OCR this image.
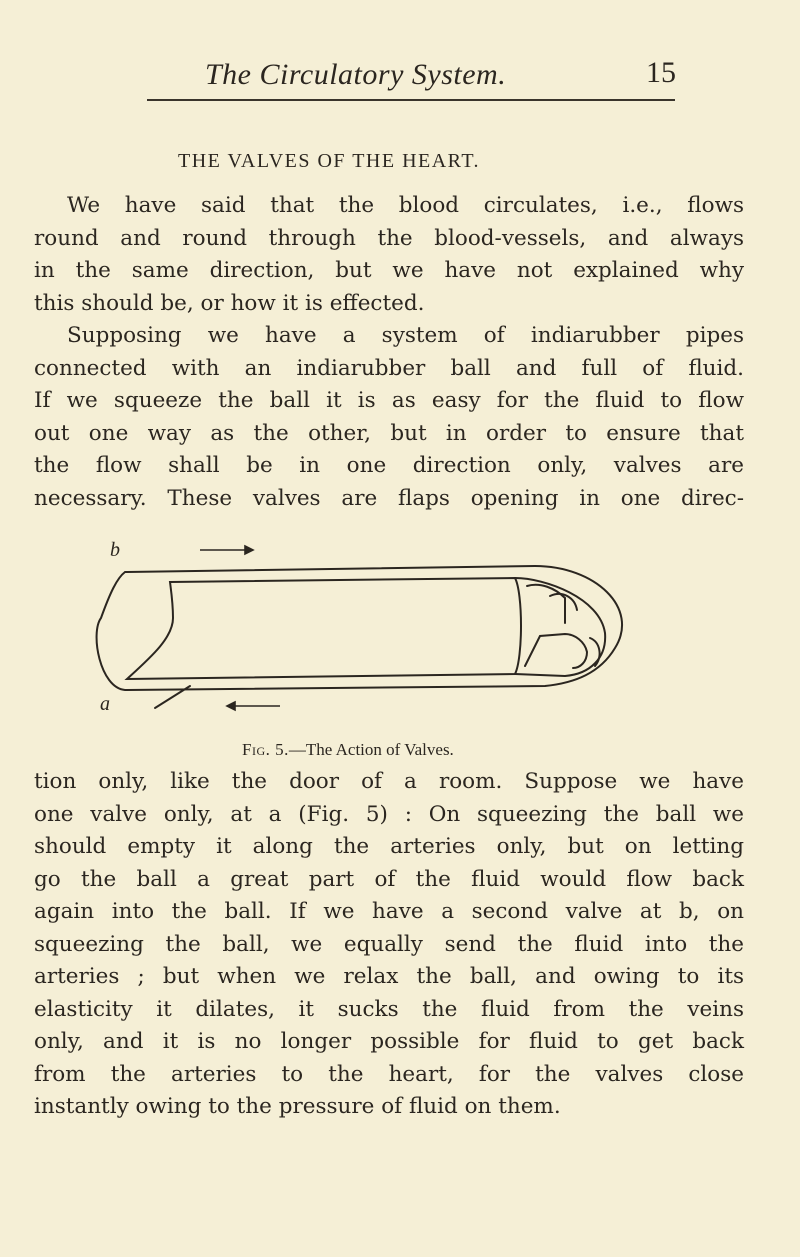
The Circulatory System.	15
THE VALVES OF THE HEART.
We have said that the blood circulates, i.e., flows
round and round through the blood-vessels, and always
in the same direction, but we have not explained why
this should be, or how it is effected.
Supposing we have a system of indiarubber pipes
connected with an indiarubber ball and full of fluid.
If we squeeze the ball it is as easy for the fluid to flow
out one way as the other, but in order to ensure that
the flow shall be in one direction only, valves are
necessary. These valves are flaps opening in one direc-
b
a
Fig. 5.—The Action of Valves.
tion only, like the door of a room. Suppose we have
one valve only, at a (Fig. 5) : On squeezing the ball we
should empty it along the arteries only, but on letting
go the ball a great part of the fluid would flow back
again into the ball. If we have a second valve at b, on
squeezing the ball, we equally send the fluid into the
arteries ; but when we relax the ball, and owing to its
elasticity it dilates, it sucks the fluid from the veins
only, and it is no longer possible for fluid to get back
from the arteries to the heart, for the valves close
instantly owing to the pressure of fluid on them.
